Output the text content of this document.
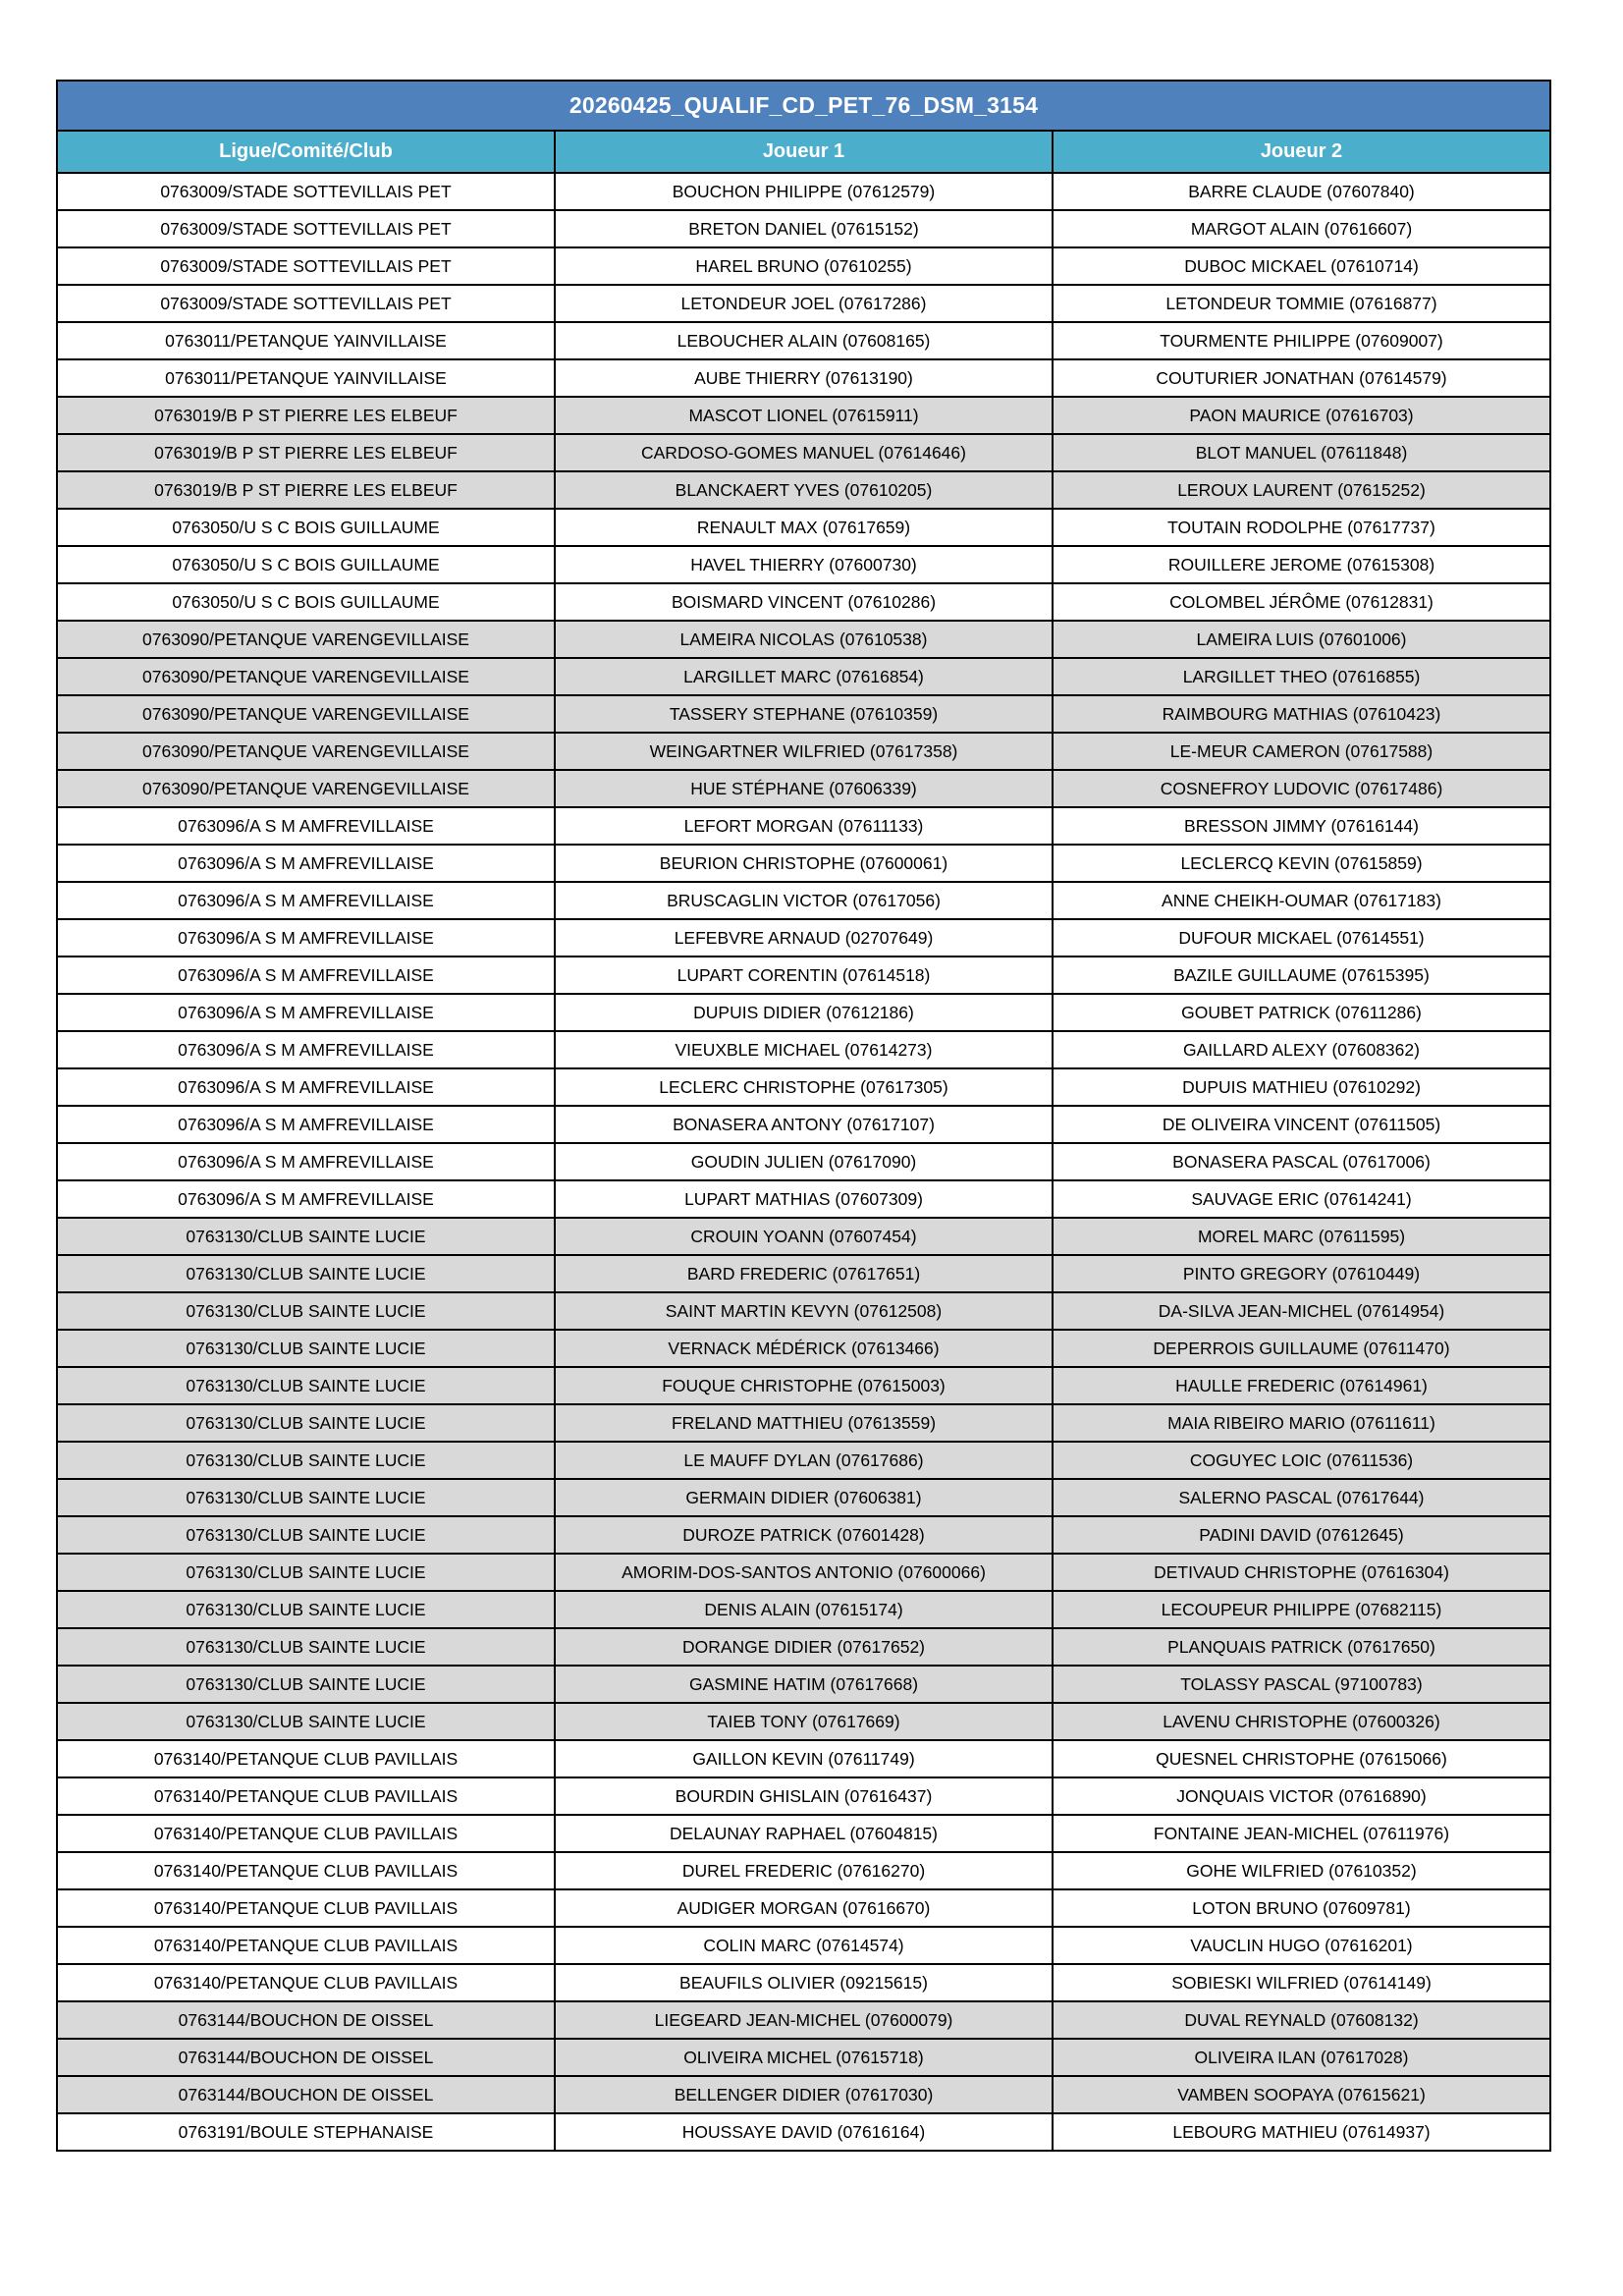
20260425_QUALIF_CD_PET_76_DSM_3154		
Ligue/Comité/Club	Joueur 1	Joueur 2
0763009/STADE SOTTEVILLAIS PET	BOUCHON PHILIPPE (07612579)	BARRE CLAUDE (07607840)
0763009/STADE SOTTEVILLAIS PET	BRETON DANIEL (07615152)	MARGOT ALAIN (07616607)
0763009/STADE SOTTEVILLAIS PET	HAREL BRUNO (07610255)	DUBOC MICKAEL (07610714)
0763009/STADE SOTTEVILLAIS PET	LETONDEUR JOEL (07617286)	LETONDEUR TOMMIE (07616877)
0763011/PETANQUE YAINVILLAISE	LEBOUCHER ALAIN (07608165)	TOURMENTE PHILIPPE (07609007)
0763011/PETANQUE YAINVILLAISE	AUBE THIERRY (07613190)	COUTURIER JONATHAN (07614579)
0763019/B P ST PIERRE LES ELBEUF	MASCOT LIONEL (07615911)	PAON MAURICE (07616703)
0763019/B P ST PIERRE LES ELBEUF	CARDOSO-GOMES MANUEL (07614646)	BLOT MANUEL (07611848)
0763019/B P ST PIERRE LES ELBEUF	BLANCKAERT YVES (07610205)	LEROUX LAURENT (07615252)
0763050/U S C BOIS GUILLAUME	RENAULT MAX (07617659)	TOUTAIN RODOLPHE (07617737)
0763050/U S C BOIS GUILLAUME	HAVEL THIERRY (07600730)	ROUILLERE JEROME (07615308)
0763050/U S C BOIS GUILLAUME	BOISMARD VINCENT (07610286)	COLOMBEL JÉRÔME (07612831)
0763090/PETANQUE VARENGEVILLAISE	LAMEIRA NICOLAS (07610538)	LAMEIRA LUIS (07601006)
0763090/PETANQUE VARENGEVILLAISE	LARGILLET MARC (07616854)	LARGILLET THEO (07616855)
0763090/PETANQUE VARENGEVILLAISE	TASSERY STEPHANE (07610359)	RAIMBOURG MATHIAS (07610423)
0763090/PETANQUE VARENGEVILLAISE	WEINGARTNER WILFRIED (07617358)	LE-MEUR CAMERON (07617588)
0763090/PETANQUE VARENGEVILLAISE	HUE STÉPHANE (07606339)	COSNEFROY LUDOVIC (07617486)
0763096/A S M AMFREVILLAISE	LEFORT MORGAN (07611133)	BRESSON JIMMY (07616144)
0763096/A S M AMFREVILLAISE	BEURION CHRISTOPHE (07600061)	LECLERCQ KEVIN (07615859)
0763096/A S M AMFREVILLAISE	BRUSCAGLIN VICTOR (07617056)	ANNE CHEIKH-OUMAR (07617183)
0763096/A S M AMFREVILLAISE	LEFEBVRE ARNAUD (02707649)	DUFOUR MICKAEL (07614551)
0763096/A S M AMFREVILLAISE	LUPART CORENTIN (07614518)	BAZILE GUILLAUME (07615395)
0763096/A S M AMFREVILLAISE	DUPUIS DIDIER (07612186)	GOUBET PATRICK (07611286)
0763096/A S M AMFREVILLAISE	VIEUXBLE MICHAEL (07614273)	GAILLARD ALEXY (07608362)
0763096/A S M AMFREVILLAISE	LECLERC CHRISTOPHE (07617305)	DUPUIS MATHIEU (07610292)
0763096/A S M AMFREVILLAISE	BONASERA ANTONY (07617107)	DE OLIVEIRA VINCENT (07611505)
0763096/A S M AMFREVILLAISE	GOUDIN JULIEN (07617090)	BONASERA PASCAL (07617006)
0763096/A S M AMFREVILLAISE	LUPART MATHIAS (07607309)	SAUVAGE ERIC (07614241)
0763130/CLUB SAINTE LUCIE	CROUIN YOANN (07607454)	MOREL MARC (07611595)
0763130/CLUB SAINTE LUCIE	BARD FREDERIC (07617651)	PINTO GREGORY (07610449)
0763130/CLUB SAINTE LUCIE	SAINT MARTIN KEVYN (07612508)	DA-SILVA JEAN-MICHEL (07614954)
0763130/CLUB SAINTE LUCIE	VERNACK MÉDÉRICK (07613466)	DEPERROIS GUILLAUME (07611470)
0763130/CLUB SAINTE LUCIE	FOUQUE CHRISTOPHE (07615003)	HAULLE FREDERIC (07614961)
0763130/CLUB SAINTE LUCIE	FRELAND MATTHIEU (07613559)	MAIA RIBEIRO MARIO (07611611)
0763130/CLUB SAINTE LUCIE	LE MAUFF DYLAN (07617686)	COGUYEC LOIC (07611536)
0763130/CLUB SAINTE LUCIE	GERMAIN DIDIER (07606381)	SALERNO PASCAL (07617644)
0763130/CLUB SAINTE LUCIE	DUROZE PATRICK (07601428)	PADINI DAVID (07612645)
0763130/CLUB SAINTE LUCIE	AMORIM-DOS-SANTOS ANTONIO (07600066)	DETIVAUD CHRISTOPHE (07616304)
0763130/CLUB SAINTE LUCIE	DENIS ALAIN (07615174)	LECOUPEUR PHILIPPE (07682115)
0763130/CLUB SAINTE LUCIE	DORANGE DIDIER (07617652)	PLANQUAIS PATRICK (07617650)
0763130/CLUB SAINTE LUCIE	GASMINE HATIM (07617668)	TOLASSY PASCAL (97100783)
0763130/CLUB SAINTE LUCIE	TAIEB TONY (07617669)	LAVENU CHRISTOPHE (07600326)
0763140/PETANQUE CLUB PAVILLAIS	GAILLON KEVIN (07611749)	QUESNEL CHRISTOPHE (07615066)
0763140/PETANQUE CLUB PAVILLAIS	BOURDIN GHISLAIN (07616437)	JONQUAIS VICTOR (07616890)
0763140/PETANQUE CLUB PAVILLAIS	DELAUNAY RAPHAEL (07604815)	FONTAINE JEAN-MICHEL (07611976)
0763140/PETANQUE CLUB PAVILLAIS	DUREL FREDERIC (07616270)	GOHE WILFRIED (07610352)
0763140/PETANQUE CLUB PAVILLAIS	AUDIGER MORGAN (07616670)	LOTON BRUNO (07609781)
0763140/PETANQUE CLUB PAVILLAIS	COLIN MARC (07614574)	VAUCLIN HUGO (07616201)
0763140/PETANQUE CLUB PAVILLAIS	BEAUFILS OLIVIER (09215615)	SOBIESKI WILFRIED (07614149)
0763144/BOUCHON DE OISSEL	LIEGEARD JEAN-MICHEL (07600079)	DUVAL REYNALD (07608132)
0763144/BOUCHON DE OISSEL	OLIVEIRA MICHEL (07615718)	OLIVEIRA ILAN (07617028)
0763144/BOUCHON DE OISSEL	BELLENGER DIDIER (07617030)	VAMBEN SOOPAYA (07615621)
0763191/BOULE STEPHANAISE	HOUSSAYE DAVID (07616164)	LEBOURG MATHIEU (07614937)
